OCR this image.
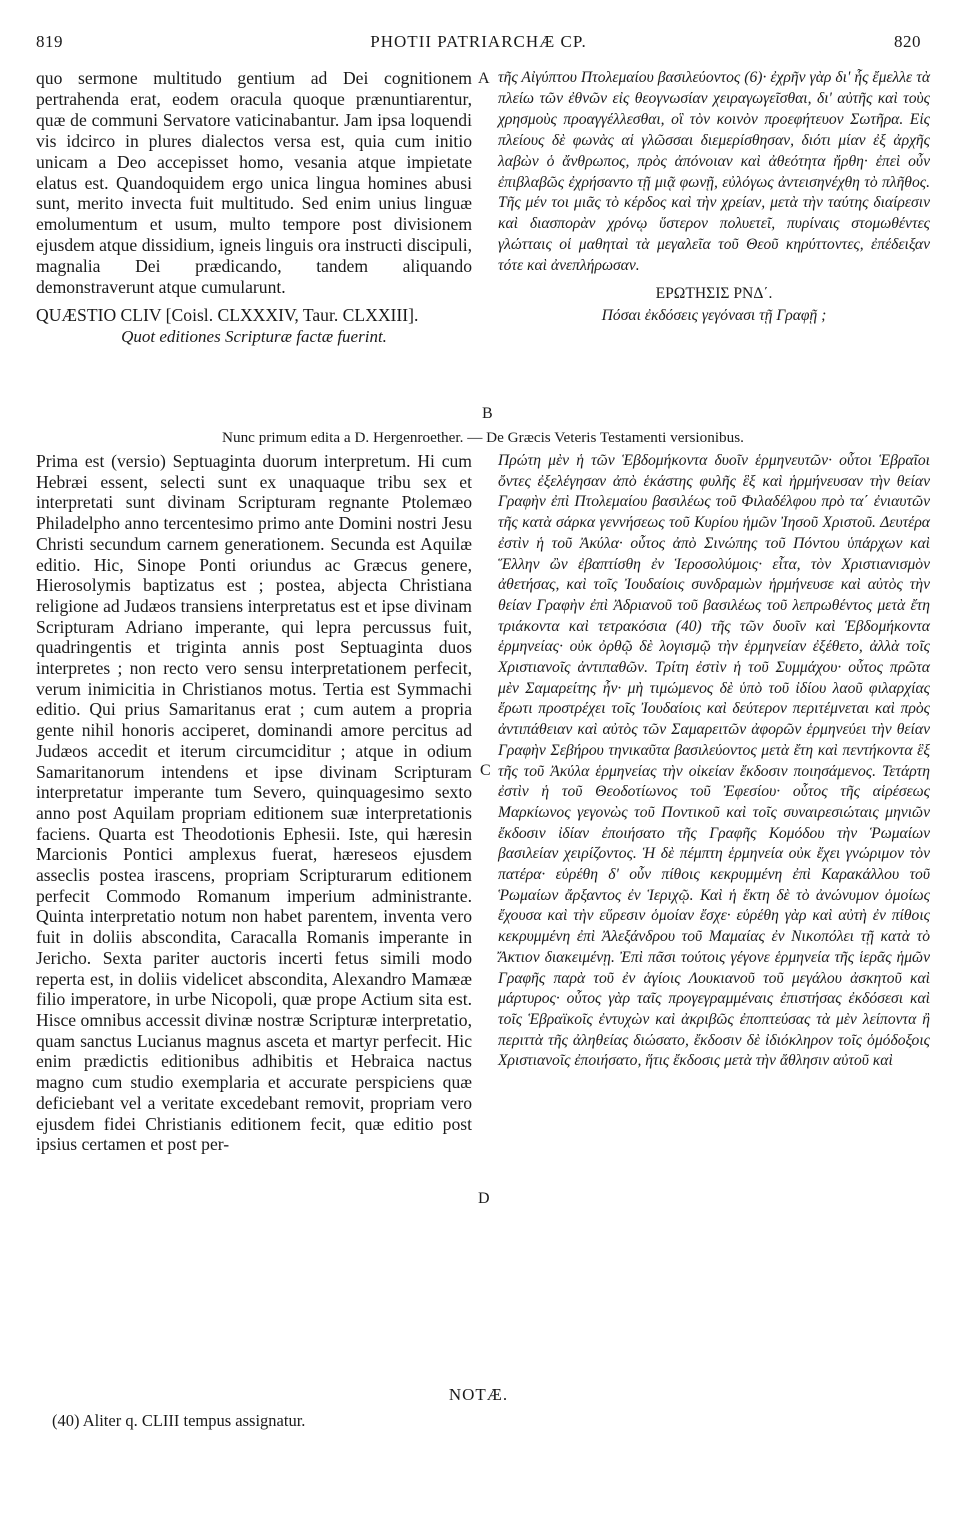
819	PHOTII PATRIARCHÆ CP.	820

quo sermone multitudo gentium ad Dei cognitionem pertrahenda erat, eodem oracula quoque prænuntiarentur, quæ de communi Servatore vaticinabantur. Jam ipsa loquendi vis idcirco in plures dialectos versa est, quia cum initio unicam a Deo accepisset homo, vesania atque impietate elatus est. Quandoquidem ergo unica lingua homines abusi sunt, merito invecta fuit multitudo. Sed enim unius linguæ emolumentum et usum, multo tempore post divisionem ejusdem atque dissidium, igneis linguis ora instructi discipuli, magnalia Dei prædicando, tandem aliquando demonstraverunt atque cumularunt.

QUÆSTIO CLIV [Coisl. CLXXXIV, Taur. CLXXIII].
Quot editiones Scripturæ factæ fuerint.

τῆς Αἰγύπτου Πτολεμαίου βασιλεύοντος (6)· ἐχρῆν γὰρ δι' ἧς ἔμελλε τὰ πλείω τῶν ἐθνῶν εἰς θεογνωσίαν χειραγωγεῖσθαι, δι' αὐτῆς καὶ τοὺς χρησμοὺς προαγγέλλεσθαι, οἳ τὸν κοινὸν προεφήτευον Σωτῆρα. Εἰς πλείους δὲ φωνὰς αἱ γλῶσσαι διεμερίσθησαν, διότι μίαν ἐξ ἀρχῆς λαβὼν ὁ ἄνθρωπος, πρὸς ἀπόνοιαν καὶ ἀθεότητα ἤρθη· ἐπεὶ οὖν ἐπιβλαβῶς ἐχρήσαντο τῇ μιᾷ φωνῇ, εὐλόγως ἀντεισηνέχθη τὸ πλῆθος. Τῆς μέν τοι μιᾶς τὸ κέρδος καὶ τὴν χρείαν, μετὰ τὴν ταύτης διαίρεσιν καὶ διασπορὰν χρόνῳ ὕστερον πολυετεῖ, πυρίναις στομωθέντες γλώτταις οἱ μαθηταὶ τὰ μεγαλεῖα τοῦ Θεοῦ κηρύττοντες, ἐπέδειξαν τότε καὶ ἀνεπλήρωσαν.

ΕΡΩΤΗΣΙΣ ΡΝΔ΄.
Πόσαι ἐκδόσεις γεγόνασι τῇ Γραφῇ ;
A
B
Nunc primum edita a D. Hergenroether. — De Græcis Veteris Testamenti versionibus.

Prima est (versio) Septuaginta duorum interpretum. Hi cum Hebræi essent, selecti sunt ex unaquaque tribu sex et interpretati sunt divinam Scripturam regnante Ptolemæo Philadelpho anno tercentesimo primo ante Domini nostri Jesu Christi secundum carnem generationem. Secunda est Aquilæ editio. Hic, Sinope Ponti oriundus ac Græcus genere, Hierosolymis baptizatus est ; postea, abjecta Christiana religione ad Judæos transiens interpretatus est et ipse divinam Scripturam Adriano imperante, qui lepra percussus fuit, quadringentis et triginta annis post Septuaginta duos interpretes ; non recto vero sensu interpretationem perfecit, verum inimicitia in Christianos motus. Tertia est Symmachi editio. Qui prius Samaritanus erat ; cum autem a propria gente nihil honoris acciperet, dominandi amore percitus ad Judæos accedit et iterum circumciditur ; atque in odium Samaritanorum intendens et ipse divinam Scripturam interpretatur imperante tum Severo, quinquagesimo sexto anno post Aquilam propriam editionem suæ interpretationis faciens. Quarta est Theodotionis Ephesii. Iste, qui hæresin Marcionis Pontici amplexus fuerat, hæreseos ejusdem asseclis postea irascens, propriam Scripturarum editionem perfecit Commodo Romanum imperium administrante. Quinta interpretatio notum non habet parentem, inventa vero fuit in doliis abscondita, Caracalla Romanis imperante in Jericho. Sexta pariter auctoris incerti fetus simili modo reperta est, in doliis videlicet abscondita, Alexandro Mamææ filio imperatore, in urbe Nicopoli, quæ prope Actium sita est. Hisce omnibus accessit divinæ nostræ Scripturæ interpretatio, quam sanctus Lucianus magnus asceta et martyr perfecit. Hic enim prædictis editionibus adhibitis et Hebraica nactus magno cum studio exemplaria et accurate perspiciens quæ deficiebant vel a veritate excedebant removit, propriam vero ejusdem fidei Christianis editionem fecit, quæ editio post ipsius certamen et post per-

Πρώτη μὲν ἡ τῶν Ἑβδομήκοντα δυοῖν ἑρμηνευτῶν· οὗτοι Ἑβραῖοι ὄντες ἐξελέγησαν ἀπὸ ἑκάστης φυλῆς ἓξ καὶ ἡρμήνευσαν τὴν θείαν Γραφὴν ἐπὶ Πτολεμαίου βασιλέως τοῦ Φιλαδέλφου πρὸ τα΄ ἐνιαυτῶν τῆς κατὰ σάρκα γεννήσεως τοῦ Κυρίου ἡμῶν Ἰησοῦ Χριστοῦ. Δευτέρα ἐστὶν ἡ τοῦ Ἀκύλα· οὗτος ἀπὸ Σινώπης τοῦ Πόντου ὑπάρχων καὶ Ἕλλην ὢν ἐβαπτίσθη ἐν Ἱεροσολύμοις· εἶτα, τὸν Χριστιανισμὸν ἀθετήσας, καὶ τοῖς Ἰουδαίοις συνδραμὼν ἡρμήνευσε καὶ αὐτὸς τὴν θείαν Γραφὴν ἐπὶ Ἀδριανοῦ τοῦ βασιλέως τοῦ λεπρωθέντος μετὰ ἔτη τριάκοντα καὶ τετρακόσια (40) τῆς τῶν δυοῖν καὶ Ἑβδομήκοντα ἑρμηνείας· οὐκ ὀρθῷ δὲ λογισμῷ τὴν ἑρμηνείαν ἐξέθετο, ἀλλὰ τοῖς Χριστιανοῖς ἀντιπαθῶν. Τρίτη ἐστὶν ἡ τοῦ Συμμάχου· οὗτος πρῶτα μὲν Σαμαρείτης ἦν· μὴ τιμώμενος δὲ ὑπὸ τοῦ ἰδίου λαοῦ φιλαρχίας ἔρωτι προστρέχει τοῖς Ἰουδαίοις καὶ δεύτερον περιτέμνεται καὶ πρὸς ἀντιπάθειαν καὶ αὐτὸς τῶν Σαμαρειτῶν ἀφορῶν ἑρμηνεύει τὴν θείαν Γραφὴν Σεβήρου τηνικαῦτα βασιλεύοντος μετὰ ἔτη καὶ πεντήκοντα ἓξ τῆς τοῦ Ἀκύλα ἑρμηνείας τὴν οἰκείαν ἔκδοσιν ποιησάμενος. Τετάρτη ἐστὶν ἡ τοῦ Θεοδοτίωνος τοῦ Ἐφεσίου· οὗτος τῆς αἱρέσεως Μαρκίωνος γεγονὼς τοῦ Ποντικοῦ καὶ τοῖς συναιρεσιώταις μηνιῶν ἔκδοσιν ἰδίαν ἐποιήσατο τῆς Γραφῆς Κομόδου τὴν Ῥωμαίων βασιλείαν χειρίζοντος. Ἡ δὲ πέμπτη ἑρμηνεία οὐκ ἔχει γνώριμον τὸν πατέρα· εὑρέθη δ' οὖν πίθοις κεκρυμμένη ἐπὶ Καρακάλλου τοῦ Ῥωμαίων ἄρξαντος ἐν Ἱεριχῷ. Καὶ ἡ ἕκτη δὲ τὸ ἀνώνυμον ὁμοίως ἔχουσα καὶ τὴν εὕρεσιν ὁμοίαν ἔσχε· εὑρέθη γὰρ καὶ αὐτὴ ἐν πίθοις κεκρυμμένη ἐπὶ Ἀλεξάνδρου τοῦ Μαμαίας ἐν Νικοπόλει τῇ κατὰ τὸ Ἄκτιον διακειμένῃ. Ἐπὶ πᾶσι τούτοις γέγονε ἑρμηνεία τῆς ἱερᾶς ἡμῶν Γραφῆς παρὰ τοῦ ἐν ἁγίοις Λουκιανοῦ τοῦ μεγάλου ἀσκητοῦ καὶ μάρτυρος· οὗτος γὰρ ταῖς προγεγραμμέναις ἐπιστήσας ἐκδόσεσι καὶ τοῖς Ἑβραϊκοῖς ἐντυχὼν καὶ ἀκριβῶς ἐποπτεύσας τὰ μὲν λείποντα ἢ περιττὰ τῆς ἀληθείας διώσατο, ἔκδοσιν δὲ ἰδιόκληρον τοῖς ὁμόδοξοις Χριστιανοῖς ἐποιήσατο, ἥτις ἔκδοσις μετὰ τὴν ἄθλησιν αὐτοῦ καὶ

C
D
NOTÆ.
(40) Aliter q. CLIII tempus assignatur.
